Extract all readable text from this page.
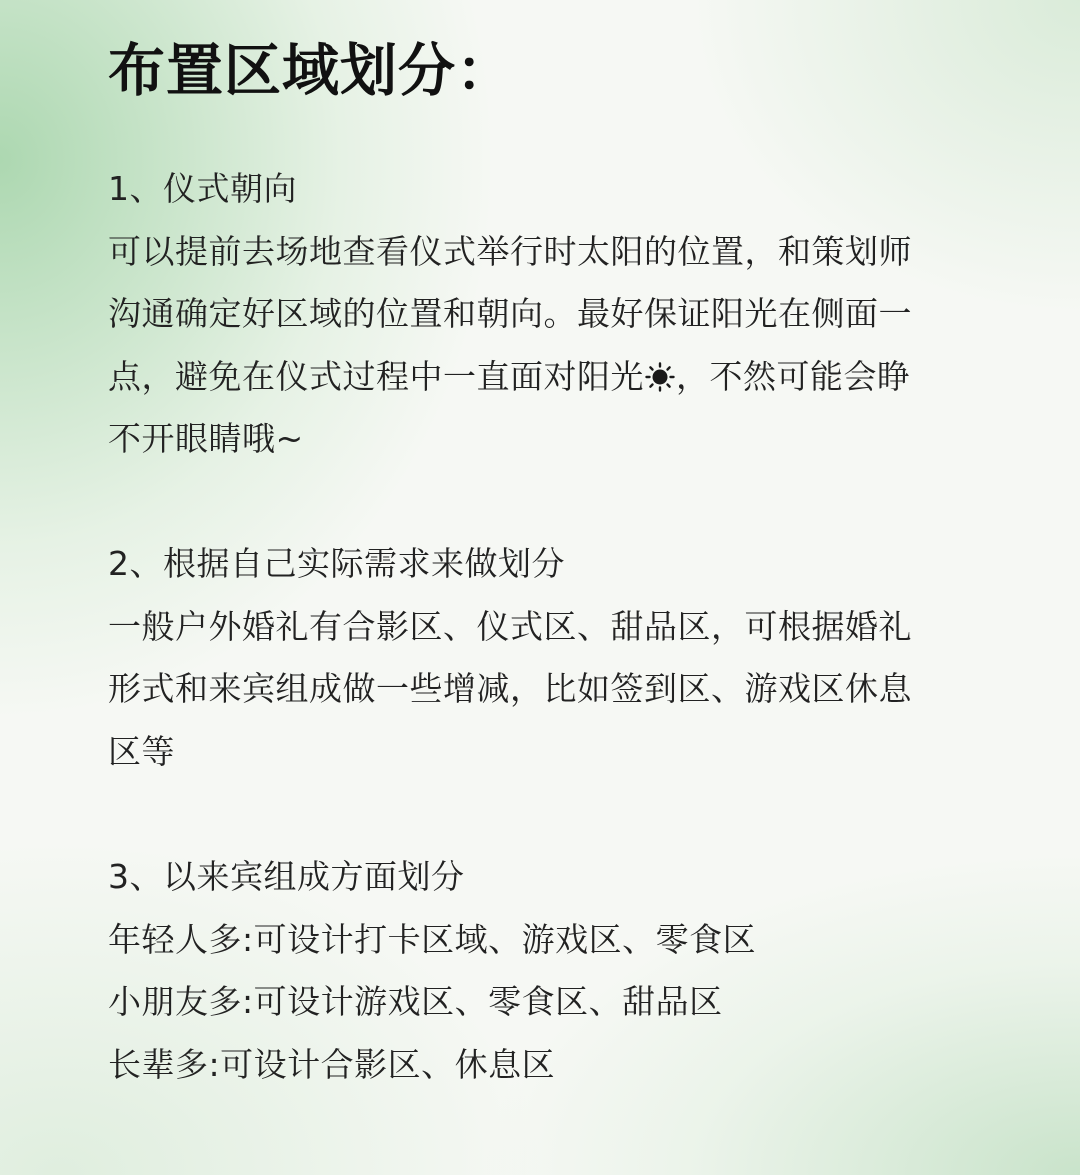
布置区域划分：
1、仪式朝向
可以提前去场地查看仪式举行时太阳的位置，和策划师
沟通确定好区域的位置和朝向。最好保证阳光在侧面一
点，避免在仪式过程中一直面对阳光 ，不然可能会睁
不开眼睛哦~
2、根据自己实际需求来做划分
一般户外婚礼有合影区、仪式区、甜品区，可根据婚礼
形式和来宾组成做一些增减，比如签到区、游戏区休息
区等
3、以来宾组成方面划分
年轻人多:可设计打卡区域、游戏区、零食区
小朋友多:可设计游戏区、零食区、甜品区
长辈多:可设计合影区、休息区
